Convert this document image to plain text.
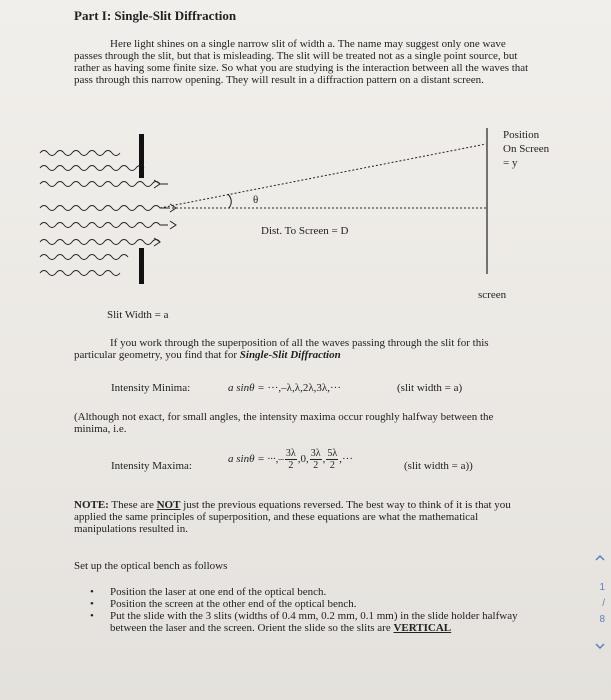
Part I: Single-Slit Diffraction
Here light shines on a single narrow slit of width a. The name may suggest only one wave passes through the slit, but that is misleading. The slit will be treated not as a single point source, but rather as having some finite size. So what you are studying is the interaction between all the waves that pass through this narrow opening. They will result in a diffraction pattern on a distant screen.
Position
On Screen
= y
θ
Dist. To Screen = D
screen
Slit Width = a
If you work through the superposition of all the waves passing through the slit for this particular geometry, you find that for Single-Slit Diffraction
Intensity Minima:	a sinθ = ···,–λ,λ,2λ,3λ,···	(slit width = a)
(Although not exact, for small angles, the intensity maxima occur roughly halfway between the minima, i.e.
Intensity Maxima:
a sinθ = ···,– $\frac{3\lambda}{2} ,0$, $\frac{3\lambda}{2}$ , $\frac{5\lambda}{2}$ ,···
(slit width = a))
NOTE: These are NOT just the previous equations reversed. The best way to think of it is that you applied the same principles of superposition, and these equations are what the mathematical manipulations resulted in.
Set up the optical bench as follows
• Position the laser at one end of the optical bench.
• Position the screen at the other end of the optical bench.
• Put the slide with the 3 slits (widths of 0.4 mm, 0.2 mm, 0.1 mm) in the slide holder halfway between the laser and the screen. Orient the slide so the slits are VERTICAL
1
/
8
